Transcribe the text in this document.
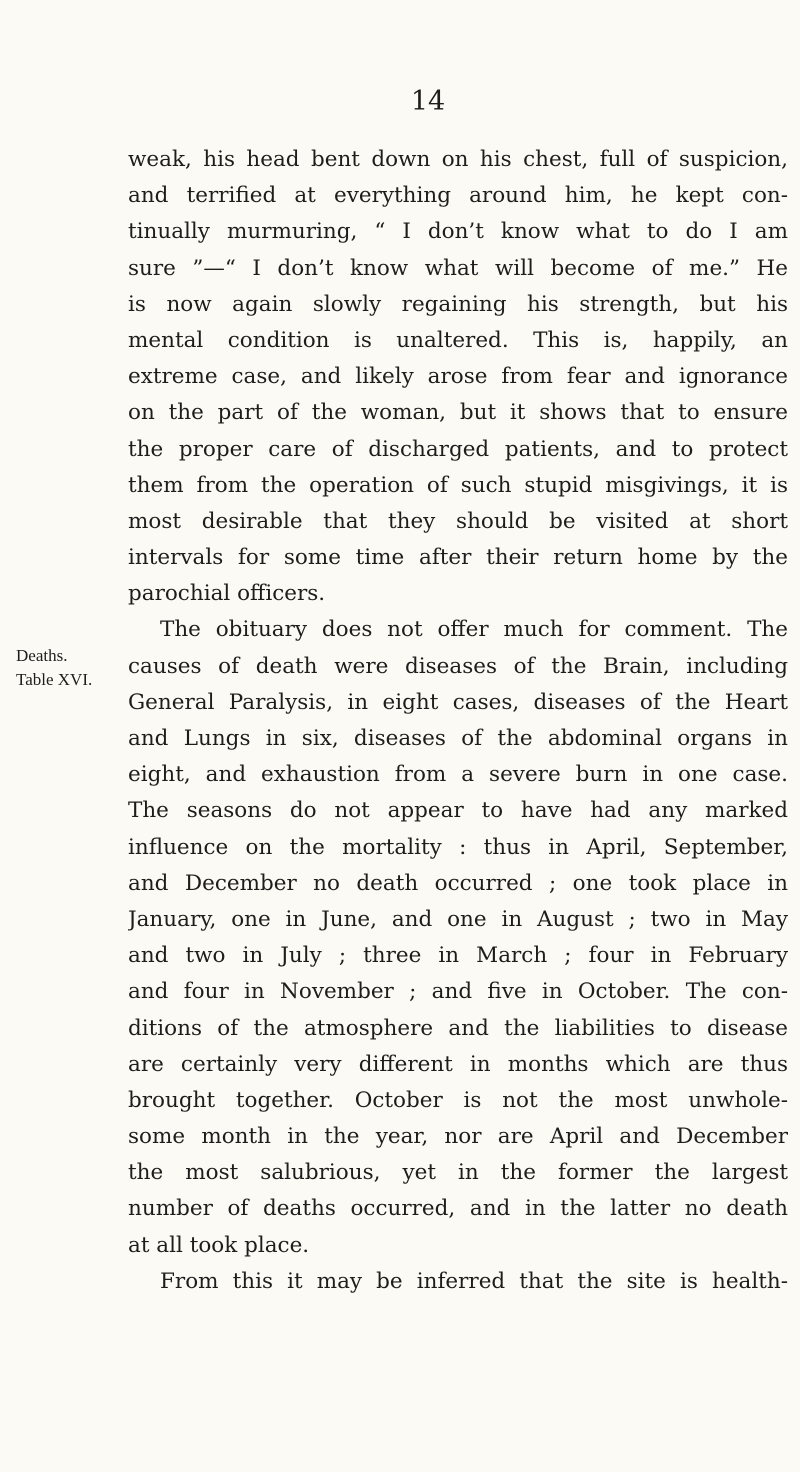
14
Deaths.
Table XVI.
weak, his head bent down on his chest, full of suspicion,
and terrified at everything around him, he kept con-
tinually murmuring, “ I don’t know what to do I am
sure ”—“ I don’t know what will become of me.” He
is now again slowly regaining his strength, but his
mental condition is unaltered. This is, happily, an
extreme case, and likely arose from fear and ignorance
on the part of the woman, but it shows that to ensure
the proper care of discharged patients, and to protect
them from the operation of such stupid misgivings, it is
most desirable that they should be visited at short
intervals for some time after their return home by the
parochial officers.
The obituary does not offer much for comment. The
causes of death were diseases of the Brain, including
General Paralysis, in eight cases, diseases of the Heart
and Lungs in six, diseases of the abdominal organs in
eight, and exhaustion from a severe burn in one case.
The seasons do not appear to have had any marked
influence on the mortality : thus in April, September,
and December no death occurred ; one took place in
January, one in June, and one in August ; two in May
and two in July ; three in March ; four in February
and four in November ; and five in October. The con-
ditions of the atmosphere and the liabilities to disease
are certainly very different in months which are thus
brought together. October is not the most unwhole-
some month in the year, nor are April and December
the most salubrious, yet in the former the largest
number of deaths occurred, and in the latter no death
at all took place.
From this it may be inferred that the site is health-
